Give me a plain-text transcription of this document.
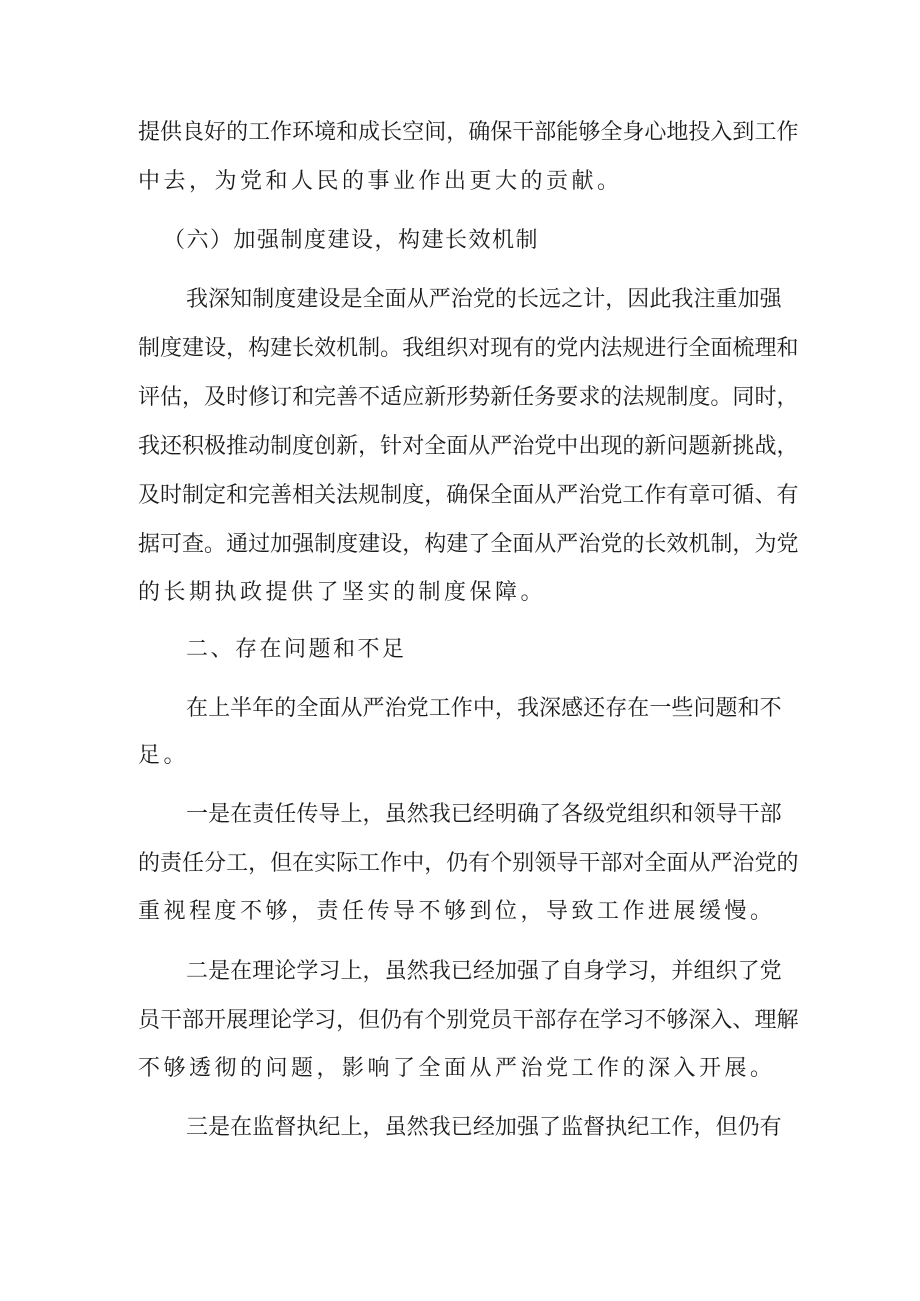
提 供 良 好 的 工 作 环 境 和 成 长 空 间 ， 确 保 干 部 能 够 全 身 心 地 投 入 到 工 作
中去，为党和人民的事业作出更大的贡献。
（六）加强制度建设，构建长效机制
我 深 知 制 度 建 设 是 全 面 从 严 治 党 的 长 远 之 计 ， 因 此 我 注 重 加 强
制 度 建 设 ， 构 建 长 效 机 制 。 我 组 织 对 现 有 的 党 内 法 规 进 行 全 面 梳 理 和
评 估 ， 及 时 修 订 和 完 善 不 适 应 新 形 势 新 任 务 要 求 的 法 规 制 度 。 同 时 ，
我 还 积 极 推 动 制 度 创 新 ， 针 对 全 面 从 严 治 党 中 出 现 的 新 问 题 新 挑 战 ，
及 时 制 定 和 完 善 相 关 法 规 制 度 ， 确 保 全 面 从 严 治 党 工 作 有 章 可 循 、 有
据 可 查 。 通 过 加 强 制 度 建 设 ， 构 建 了 全 面 从 严 治 党 的 长 效 机 制 ， 为 党
的长期执政提供了坚实的制度保障。
二、存在问题和不足
在 上 半 年 的 全 面 从 严 治 党 工 作 中 ， 我 深 感 还 存 在 一 些 问 题 和 不
足。
一 是 在 责 任 传 导 上 ， 虽 然 我 已 经 明 确 了 各 级 党 组 织 和 领 导 干 部
的 责 任 分 工 ， 但 在 实 际 工 作 中 ， 仍 有 个 别 领 导 干 部 对 全 面 从 严 治 党 的
重视程度不够，责任传导不够到位，导致工作进展缓慢。
二 是 在 理 论 学 习 上 ， 虽 然 我 已 经 加 强 了 自 身 学 习 ， 并 组 织 了 党
员 干 部 开 展 理 论 学 习 ， 但 仍 有 个 别 党 员 干 部 存 在 学 习 不 够 深 入 、 理 解
不够透彻的问题，影响了全面从严治党工作的深入开展。
三 是 在 监 督 执 纪 上 ， 虽 然 我 已 经 加 强 了 监 督 执 纪 工 作 ， 但 仍 有
